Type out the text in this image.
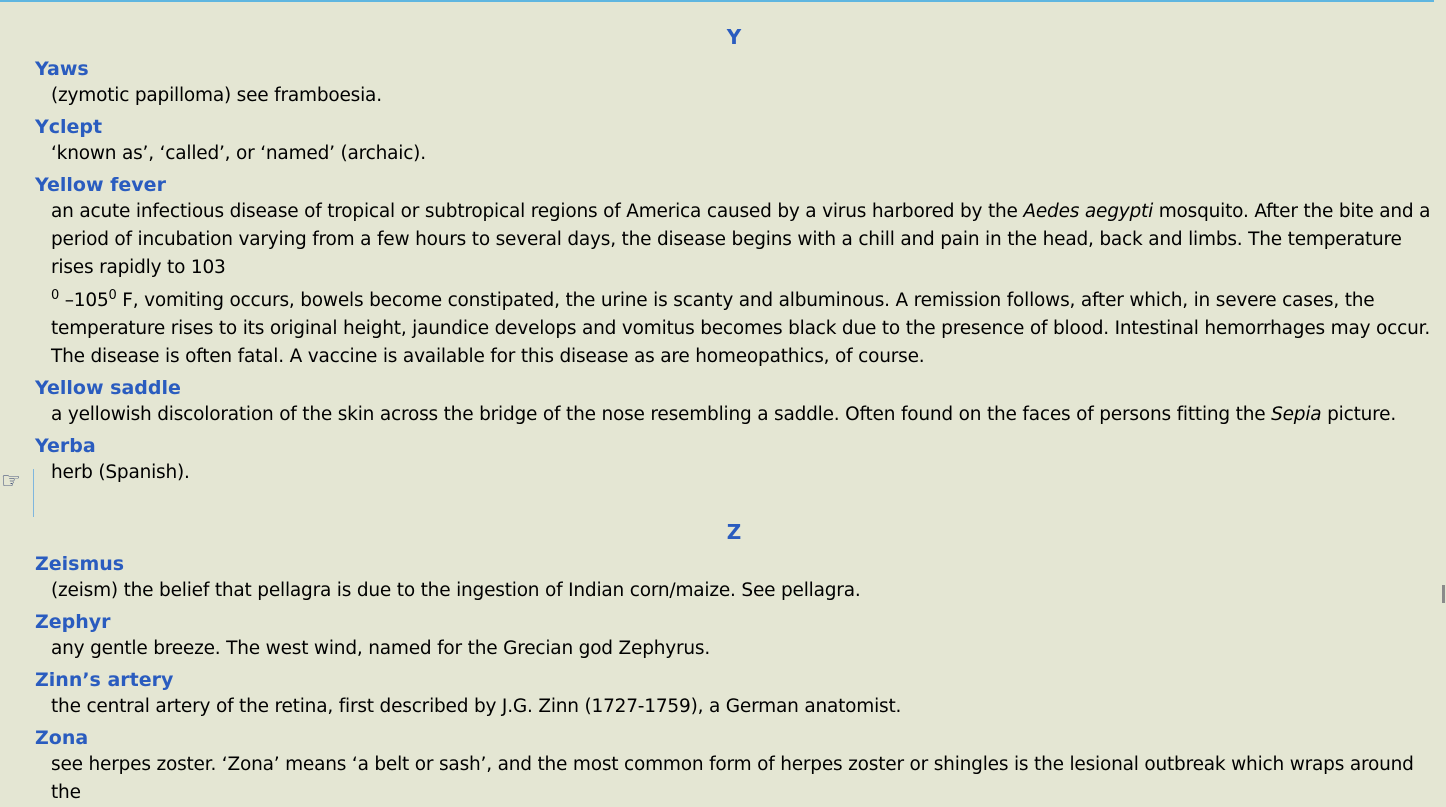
☞
Y
Yaws
(zymotic papilloma) see framboesia.
Yclept
‘known as’, ‘called’, or ‘named’ (archaic).
Yellow fever
an acute infectious disease of tropical or subtropical regions of America caused by a virus harbored by the Aedes aegypti mosquito. After the bite and a period of incubation varying from a few hours to several days, the disease begins with a chill and pain in the head, back and limbs. The temperature rises rapidly to 103
$^0$ $-105^0$ F, vomiting occurs, bowels become constipated, the urine is scanty and albuminous. A remission follows, after which, in severe cases, the temperature rises to its original height, jaundice develops and vomitus becomes black due to the presence of blood. Intestinal hemorrhages may occur. The disease is often fatal. A vaccine is available for this disease as are homeopathics, of course.
Yellow saddle
a yellowish discoloration of the skin across the bridge of the nose resembling a saddle. Often found on the faces of persons fitting the Sepia picture.
Yerba
herb (Spanish).
Z
Zeismus
(zeism) the belief that pellagra is due to the ingestion of Indian corn/maize. See pellagra.
Zephyr
any gentle breeze. The west wind, named for the Grecian god Zephyrus.
Zinn’s artery
the central artery of the retina, first described by J.G. Zinn (1727-1759), a German anatomist.
Zona
see herpes zoster. ‘Zona’ means ‘a belt or sash’, and the most common form of herpes zoster or shingles is the lesional outbreak which wraps around the
